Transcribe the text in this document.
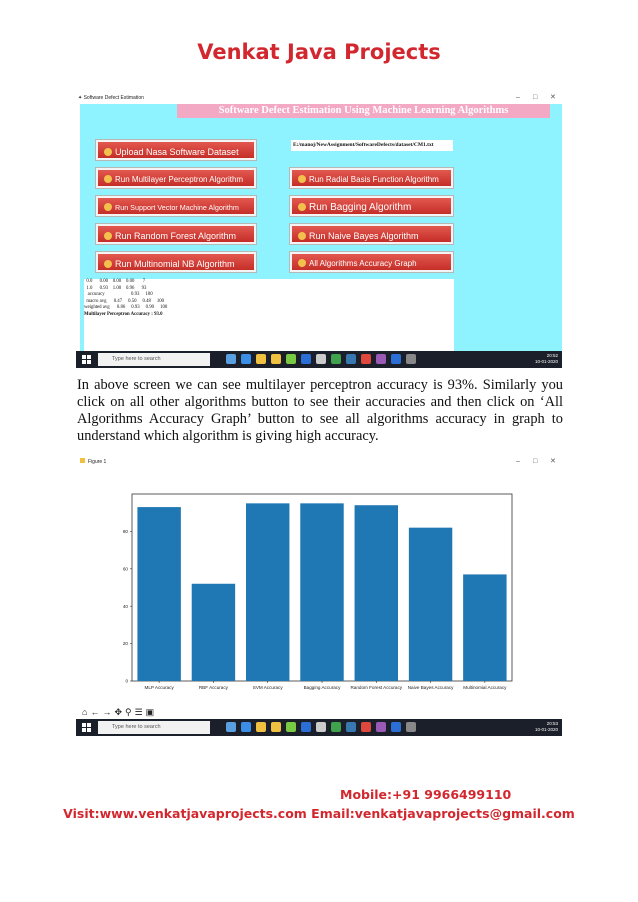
Venkat Java Projects
✦ Software Defect Estimation	– □ ✕
Software Defect Estimation Using Machine Learning Algorithms
Upload Nasa Software Dataset
E:/manoj/NewAssignment/SoftwareDefects/dataset/CM1.txt
Run Multilayer Perceptron Algorithm	Run Radial Basis Function Algorithm
Run Support Vector Machine Algorithm	Run Bagging Algorithm
Run Random Forest Algorithm	Run Naive Bayes Algorithm
Run Multinomial NB Algorithm	All Algorithms Accuracy Graph
0.0      0.00    0.00    0.00       7
1.0      0.93    1.00    0.96      93
accuracy                      0.93     100
macro avg      0.47     0.50     0.48     100
weighted avg      0.86     0.93     0.90     100
Multilayer Perceptron Accuracy : 93.0
Type here to search
20:52
10-01-2020
In above screen we can see multilayer perceptron accuracy is 93%. Similarly you click on all other algorithms button to see their accuracies and then click on ‘All Algorithms Accuracy Graph’ button to see all algorithms accuracy in graph to understand which algorithm is giving high accuracy.
Figure 1	– □ ✕
MLP Accuracy	RBF Accuracy	SVM Accuracy	Bagging Accuracy Random Forest Accuracy Naive Bayes Accuracy Multinomial Accuracy
0
20
40
60
80
⌂ ← → ✥ ⚲ ☰ ▣
Type here to search
20:53
10-01-2020
Mobile:+91 9966499110
Visit:www.venkatjavaprojects.com Email:venkatjavaprojects@gmail.com
